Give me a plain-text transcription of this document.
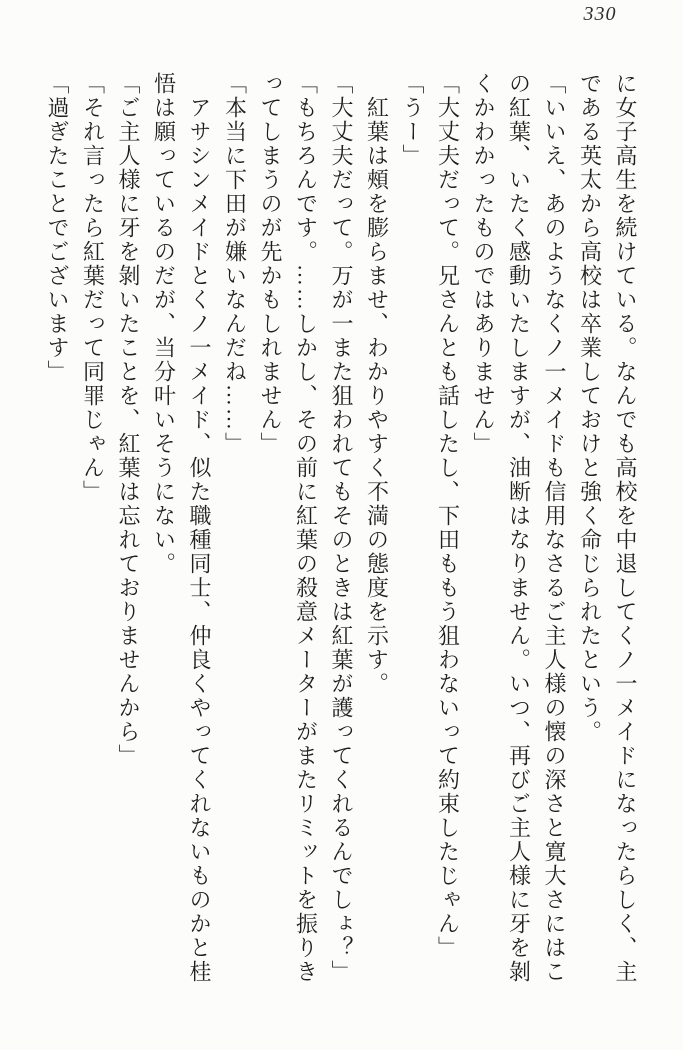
330
に女子高生を続けている。なんでも高校を中退してくノ一メイドになったらしく、主
である英太から高校は卒業しておけと強く命じられたという。
「いいえ、あのようなくノ一メイドも信用なさるご主人様の懐の深さと寛大さにはこ
の紅葉、いたく感動いたしますが、油断はなりません。いつ、再びご主人様に牙を剝
くかわかったものではありません」
「大丈夫だって。兄さんとも話したし、下田ももう狙わないって約束したじゃん」
「うー」
　紅葉は頰を膨らませ、わかりやすく不満の態度を示す。
「大丈夫だって。万が一また狙われてもそのときは紅葉が護ってくれるんでしょ？」
「もちろんです。……しかし、その前に紅葉の殺意メーターがまたリミットを振りき
ってしまうのが先かもしれません」
「本当に下田が嫌いなんだね……」
　アサシンメイドとくノ一メイド、似た職種同士、仲良くやってくれないものかと桂
悟は願っているのだが、当分叶いそうにない。
「ご主人様に牙を剝いたことを、紅葉は忘れておりませんから」
「それ言ったら紅葉だって同罪じゃん」
「過ぎたことでございます」
